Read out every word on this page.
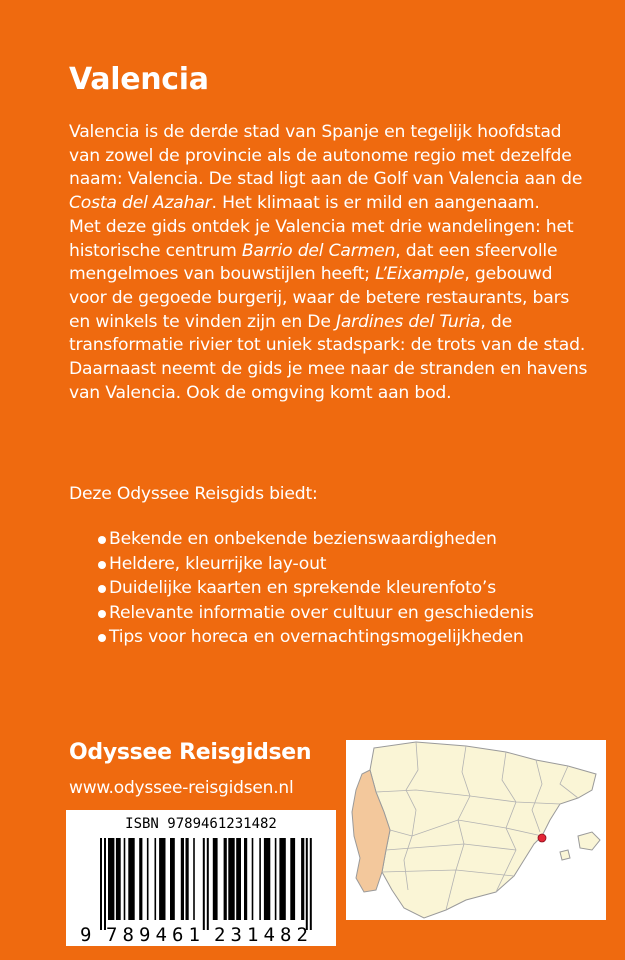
Valencia

Valencia is de derde stad van Spanje en tegelijk hoofdstad van zowel de provincie als de autonome regio met dezelfde naam: Valencia. De stad ligt aan de Golf van Valencia aan de Costa del Azahar. Het klimaat is er mild en aangenaam.

Met deze gids ontdek je Valencia met drie wandelingen: het historische centrum Barrio del Carmen, dat een sfeervolle mengelmoes van bouwstijlen heeft; L’Eixample, gebouwd voor de gegoede burgerij, waar de betere restaurants, bars en winkels te vinden zijn en De Jardines del Turia, de transformatie rivier tot uniek stadspark: de trots van de stad. Daarnaast neemt de gids je mee naar de stranden en havens van Valencia. Ook de omgving komt aan bod.

Deze Odyssee Reisgids biedt:
Bekende en onbekende bezienswaardigheden
Heldere, kleurrijke lay-out
Duidelijke kaarten en sprekende kleurenfoto’s
Relevante informatie over cultuur en geschiedenis
Tips voor horeca en overnachtingsmogelijkheden
Odyssee Reisgidsen
www.odyssee-reisgidsen.nl
ISBN 9789461231482
9 789461 231482
